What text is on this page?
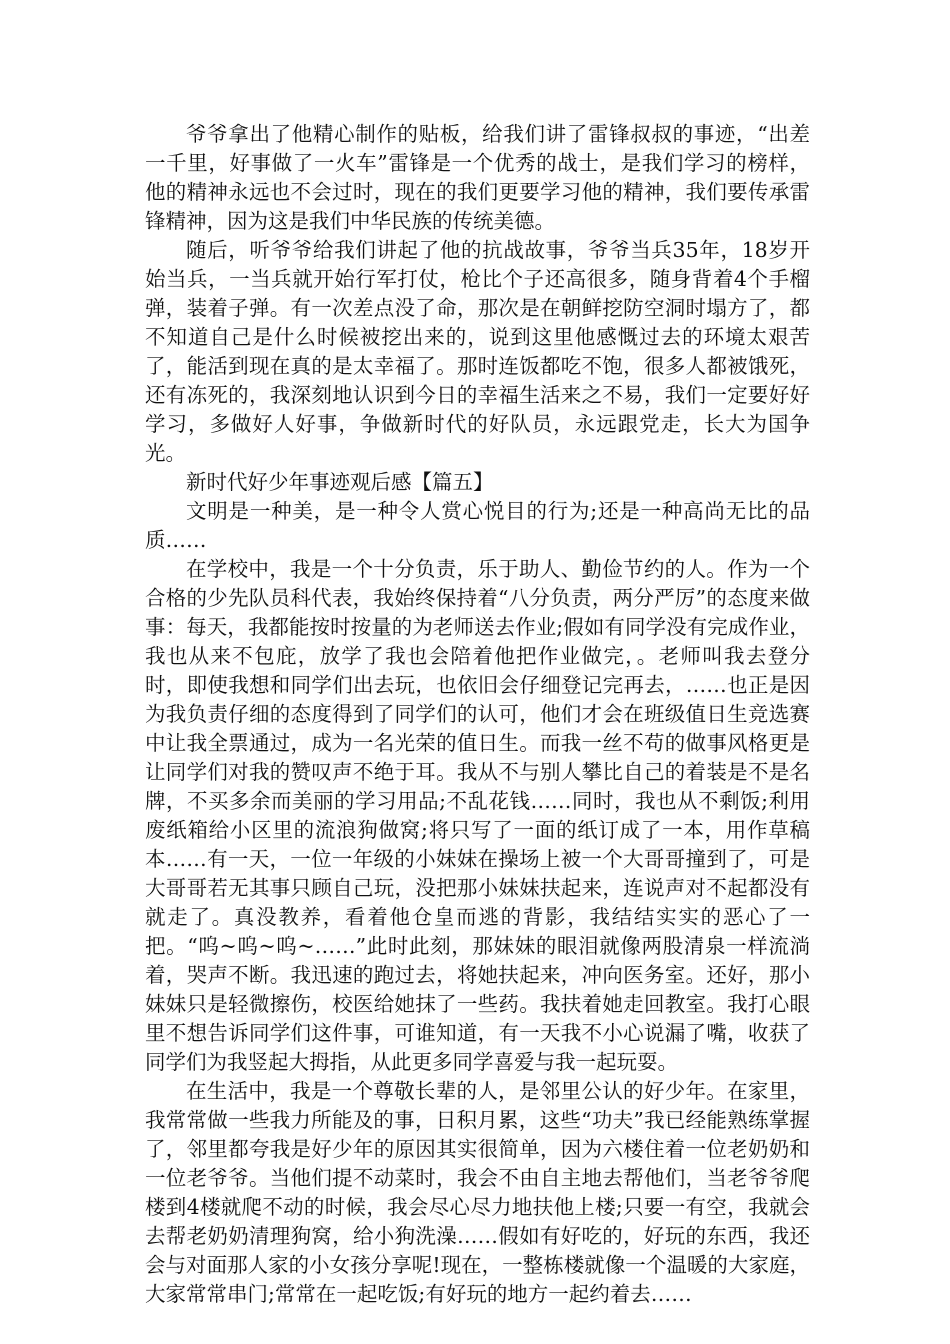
爷爷拿出了他精心制作的贴板，给我们讲了雷锋叔叔的事迹，“出差一千里，好事做了一火车”雷锋是一个优秀的战士，是我们学习的榜样，他的精神永远也不会过时，现在的我们更要学习他的精神，我们要传承雷锋精神，因为这是我们中华民族的传统美德。

随后，听爷爷给我们讲起了他的抗战故事，爷爷当兵35年，18岁开始当兵，一当兵就开始行军打仗，枪比个子还高很多，随身背着4个手榴弹，装着子弹。有一次差点没了命，那次是在朝鲜挖防空洞时塌方了，都不知道自己是什么时候被挖出来的，说到这里他感慨过去的环境太艰苦了，能活到现在真的是太幸福了。那时连饭都吃不饱，很多人都被饿死，还有冻死的，我深刻地认识到今日的幸福生活来之不易，我们一定要好好学习，多做好人好事，争做新时代的好队员，永远跟党走，长大为国争光。

新时代好少年事迹观后感【篇五】

文明是一种美，是一种令人赏心悦目的行为;还是一种高尚无比的品质……

在学校中，我是一个十分负责，乐于助人、勤俭节约的人。作为一个合格的少先队员科代表，我始终保持着“八分负责，两分严厉”的态度来做事：每天，我都能按时按量的为老师送去作业;假如有同学没有完成作业，我也从来不包庇，放学了我也会陪着他把作业做完，。老师叫我去登分时，即使我想和同学们出去玩，也依旧会仔细登记完再去，……也正是因为我负责仔细的态度得到了同学们的认可，他们才会在班级值日生竞选赛中让我全票通过，成为一名光荣的值日生。而我一丝不苟的做事风格更是让同学们对我的赞叹声不绝于耳。我从不与别人攀比自己的着装是不是名牌，不买多余而美丽的学习用品;不乱花钱……同时，我也从不剩饭;利用废纸箱给小区里的流浪狗做窝;将只写了一面的纸订成了一本，用作草稿本……有一天，一位一年级的小妹妹在操场上被一个大哥哥撞到了，可是大哥哥若无其事只顾自己玩，没把那小妹妹扶起来，连说声对不起都没有就走了。真没教养，看着他仓皇而逃的背影，我结结实实的恶心了一把。“呜~呜~呜~……”此时此刻，那妹妹的眼泪就像两股清泉一样流淌着，哭声不断。我迅速的跑过去，将她扶起来，冲向医务室。还好，那小妹妹只是轻微擦伤，校医给她抹了一些药。我扶着她走回教室。我打心眼里不想告诉同学们这件事，可谁知道，有一天我不小心说漏了嘴，收获了同学们为我竖起大拇指，从此更多同学喜爱与我一起玩耍。

在生活中，我是一个尊敬长辈的人，是邻里公认的好少年。在家里，我常常做一些我力所能及的事，日积月累，这些“功夫”我已经能熟练掌握了，邻里都夸我是好少年的原因其实很简单，因为六楼住着一位老奶奶和一位老爷爷。当他们提不动菜时，我会不由自主地去帮他们，当老爷爷爬楼到4楼就爬不动的时候，我会尽心尽力地扶他上楼;只要一有空，我就会去帮老奶奶清理狗窝，给小狗洗澡……假如有好吃的，好玩的东西，我还会与对面那人家的小女孩分享呢!现在，一整栋楼就像一个温暖的大家庭，大家常常串门;常常在一起吃饭;有好玩的地方一起约着去……
